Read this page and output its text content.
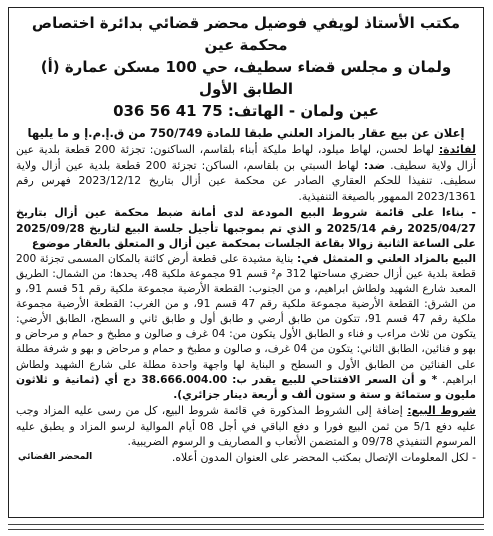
مكتب الأستاذ لويفي فوضيل محضر قضائي بدائرة اختصاص محكمة عين
ولمان و مجلس قضاء سطيف، حي 100 مسكن عمارة (أ) الطابق الأول
عين ولمان - الهاتف: 036 56 41 75
إعلان عن بيع عقار بالمزاد العلني طبقا للمادة 750/749 من ق.إ.م.إ و ما يليها
لفائدة: لهاط لحسن، لهاط ميلود، لهاط مليكة أبناء بلقاسم، الساكنون: تجزئة 200 قطعة بلدية عين أزال ولاية سطيف. ضد: لهاط السبتي بن بلقاسم، الساكن: تجزئة 200 قطعة بلدية عين أزال ولاية سطيف. تنفيذا للحكم العقاري الصادر عن محكمة عين أزال بتاريخ 2023/12/12 فهرس رقم 2023/1361 الممهور بالصيغة التنفيذية.
- بناءا على قائمة شروط البيع المودعة لدى أمانة ضبط محكمة عين أزال بتاريخ 2025/04/27 رقم 2025/14 و الذي تم بموجبها تأجيل جلسة البيع لتاريخ 2025/09/28 على الساعة الثانية زوالا بقاعة الجلسات بمحكمة عين أزال و المتعلق بالعقار موضوع
البيع بالمزاد العلني و المتمثل في: بناية مشيدة على قطعة أرض كائنة بالمكان المسمى تجزئة 200 قطعة بلدية عين أزال حضري مساحتها 312 م² قسم 91 مجموعة ملكية 48، يحدها: من الشمال: الطريق المعبد شارع الشهيد ولطاش ابراهيم، و من الجنوب: القطعة الأرضية مجموعة ملكية رقم 51 قسم 91، و من الشرق: القطعة الأرضية مجموعة ملكية رقم 47 قسم 91، و من الغرب: القطعة الأرضية مجموعة ملكية رقم 47 قسم 91، تتكون من طابق أرضي و طابق أول و طابق ثاني و السطح، الطابق الأرضي: يتكون من ثلاث مراءب و فناء و الطابق الأول يتكون من: 04 غرف و صالون و مطبخ و حمام و مرحاض و بهو و فنائين، الطابق الثاني: يتكون من 04 غرف، و صالون و مطبخ و حمام و مرحاض و بهو و شرفة مطلة على الفنائين من الطابق الأول و السطح و البناية لها واجهة واحدة مطلة على شارع الشهيد ولطاش ابراهيم. * و أن السعر الافتتاحي للبيع يقدر ب: 38.666.004.00 دج أي (ثمانية و ثلاثون مليون و ستمائة و ستة و ستون ألف و أربعة دينار جزائري).
شروط البيع: إضافة إلى الشروط المذكورة في قائمة شروط البيع، كل من رسى عليه المزاد وجب عليه دفع 5/1 من ثمن البيع فورا و دفع الباقي في أجل 08 أيام الموالية لرسو المزاد و يطبق عليه المرسوم التنفيذي 09/78 و المتضمن الأتعاب و المصاريف و الرسوم الضريبية.
- لكل المعلومات الإتصال بمكتب المحضر على العنوان المدون أعلاه.
المحضر القضائي
